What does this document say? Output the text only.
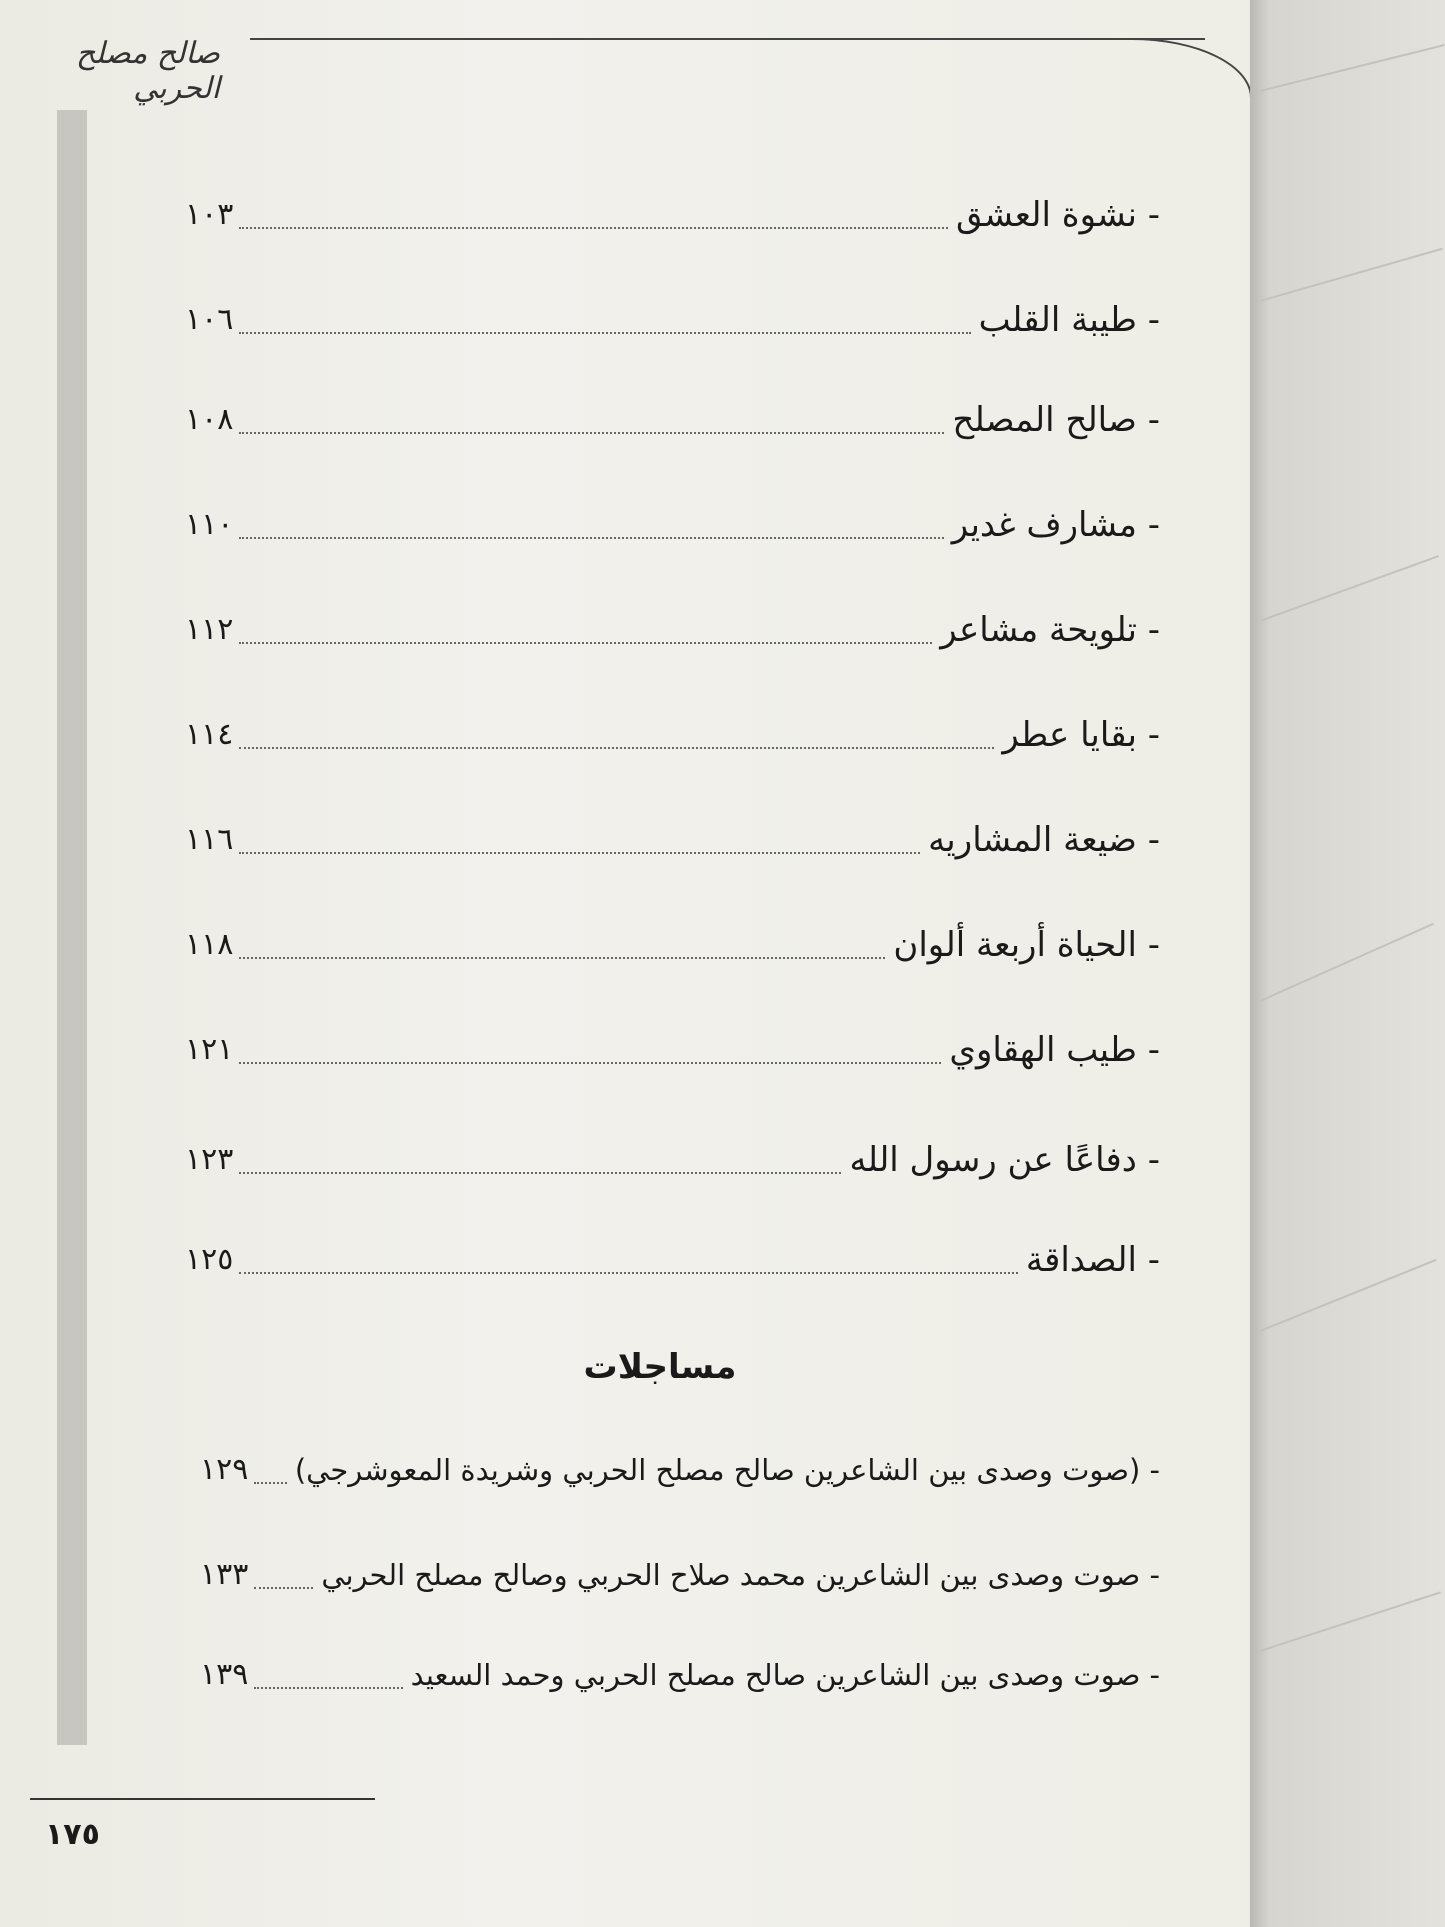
صالح مصلح الحربي
- نشوة العشق
١٠٣
- طيبة القلب
١٠٦
- صالح المصلح
١٠٨
- مشارف غدير
١١٠
- تلويحة مشاعر
١١٢
- بقايا عطر
١١٤
- ضيعة المشاريه
١١٦
- الحياة أربعة ألوان
١١٨
- طيب الهقاوي
١٢١
- دفاعًا عن رسول الله
١٢٣
- الصداقة
١٢٥
مساجلات
- (صوت وصدى بين الشاعرين صالح مصلح الحربي وشريدة المعوشرجي)
١٢٩
- صوت وصدى بين الشاعرين محمد صلاح الحربي وصالح مصلح الحربي
١٣٣
- صوت وصدى بين الشاعرين صالح مصلح الحربي وحمد السعيد
١٣٩
١٧٥
